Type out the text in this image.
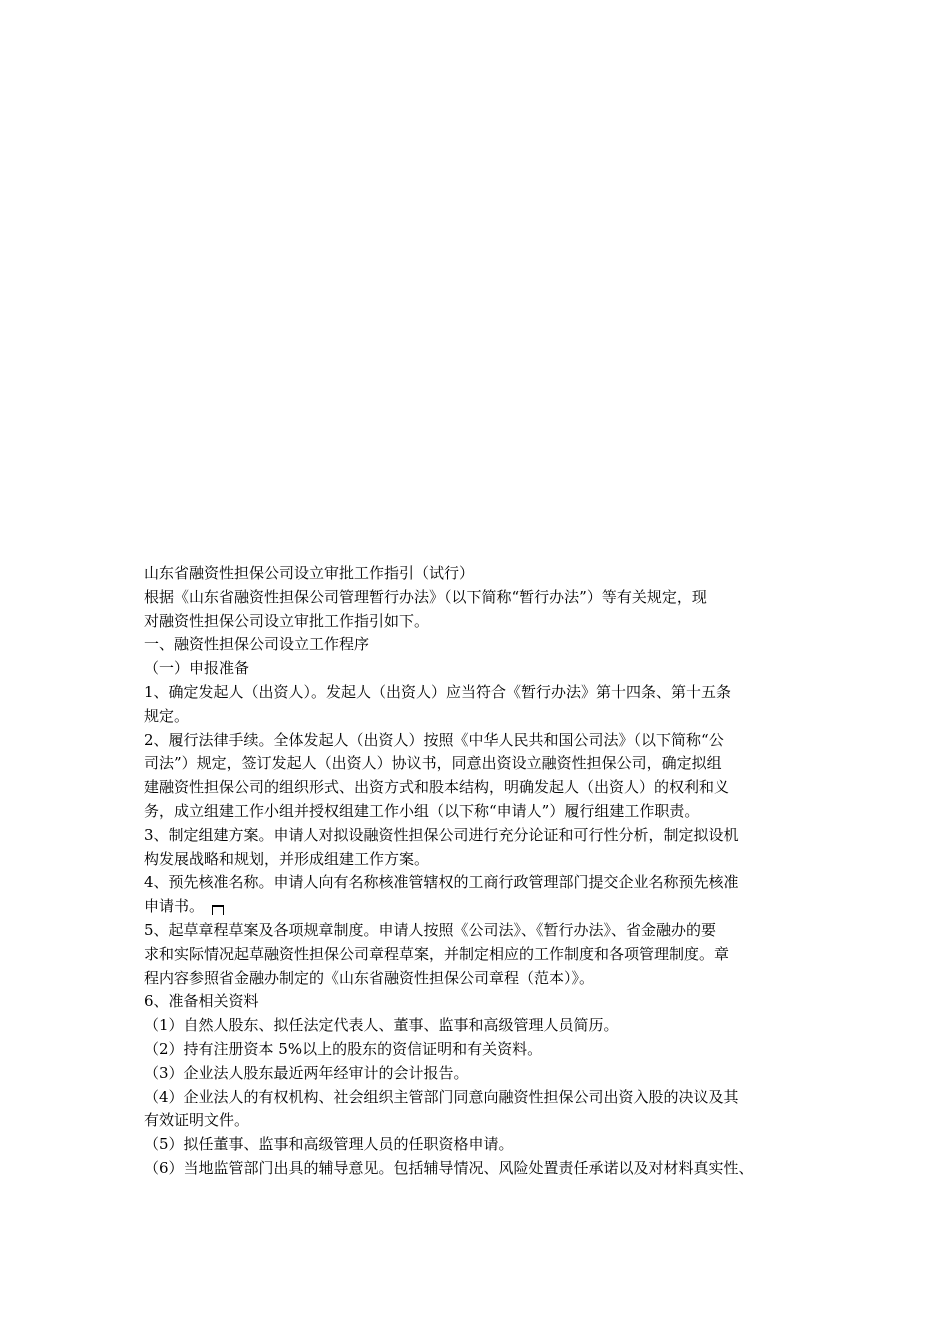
山东省融资性担保公司设立审批工作指引（试行）
根据《山东省融资性担保公司管理暂行办法》（以下简称“暂行办法”）等有关规定，现
对融资性担保公司设立审批工作指引如下。
一、融资性担保公司设立工作程序
（一）申报准备
1、确定发起人（出资人）。发起人（出资人）应当符合《暂行办法》第十四条、第十五条
规定。
2、履行法律手续。全体发起人（出资人）按照《中华人民共和国公司法》（以下简称“公
司法”）规定，签订发起人（出资人）协议书，同意出资设立融资性担保公司，确定拟组
建融资性担保公司的组织形式、出资方式和股本结构，明确发起人（出资人）的权利和义
务，成立组建工作小组并授权组建工作小组（以下称“申请人”）履行组建工作职责。
3、制定组建方案。申请人对拟设融资性担保公司进行充分论证和可行性分析，制定拟设机
构发展战略和规划，并形成组建工作方案。
4、预先核准名称。申请人向有名称核准管辖权的工商行政管理部门提交企业名称预先核准
申请书。
5、起草章程草案及各项规章制度。申请人按照《公司法》、《暂行办法》、省金融办的要
求和实际情况起草融资性担保公司章程草案，并制定相应的工作制度和各项管理制度。章
程内容参照省金融办制定的《山东省融资性担保公司章程（范本）》。
6、准备相关资料
（1）自然人股东、拟任法定代表人、董事、监事和高级管理人员简历。
（2）持有注册资本 5%以上的股东的资信证明和有关资料。
（3）企业法人股东最近两年经审计的会计报告。
（4）企业法人的有权机构、社会组织主管部门同意向融资性担保公司出资入股的决议及其
有效证明文件。
（5）拟任董事、监事和高级管理人员的任职资格申请。
（6）当地监管部门出具的辅导意见。包括辅导情况、风险处置责任承诺以及对材料真实性、
